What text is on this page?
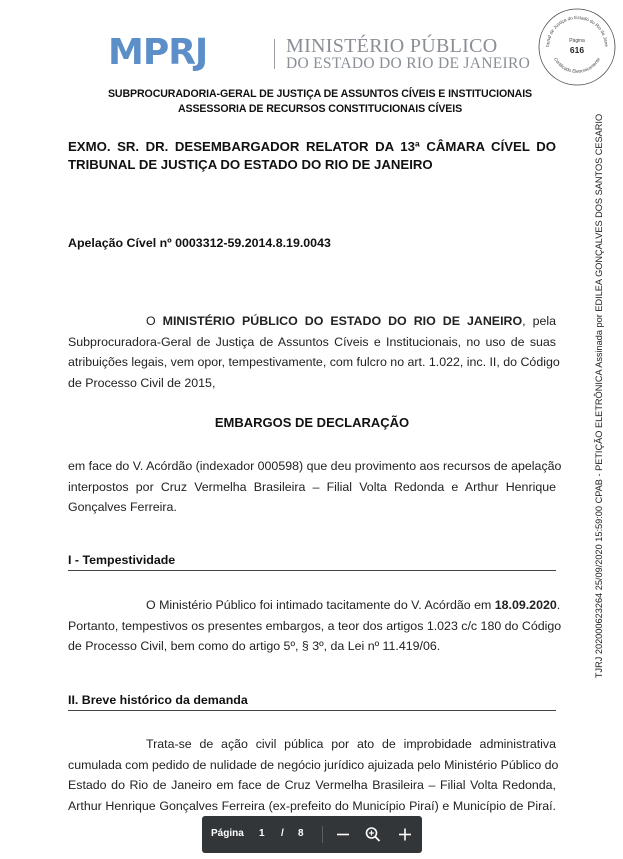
MPRJ	MINISTÉRIO PÚBLICO
DO ESTADO DO RIO DE JANEIRO
bunal de Justiça do Estado do Rio de Jane
Página
616
Certificado Eletronicamente
SUBPROCURADORIA-GERAL DE JUSTIÇA DE ASSUNTOS CÍVEIS E INSTITUCIONAIS
ASSESSORIA DE RECURSOS CONSTITUCIONAIS CÍVEIS
EXMO. SR. DR. DESEMBARGADOR RELATOR DA 13ª CÂMARA CÍVEL DO
TRIBUNAL DE JUSTIÇA DO ESTADO DO RIO DE JANEIRO
Apelação Cível nº 0003312-59.2014.8.19.0043
O MINISTÉRIO PÚBLICO DO ESTADO DO RIO DE JANEIRO, pela
Subprocuradora-Geral de Justiça de Assuntos Cíveis e Institucionais, no uso de suas
atribuições legais, vem opor, tempestivamente, com fulcro no art. 1.022, inc. II, do Código
de Processo Civil de 2015,
EMBARGOS DE DECLARAÇÃO
em face do V. Acórdão (indexador 000598) que deu provimento aos recursos de apelação
interpostos por Cruz Vermelha Brasileira – Filial Volta Redonda e Arthur Henrique
Gonçalves Ferreira.
I - Tempestividade
O Ministério Público foi intimado tacitamente do V. Acórdão em 18.09.2020.
Portanto, tempestivos os presentes embargos, a teor dos artigos 1.023 c/c 180 do Código
de Processo Civil, bem como do artigo 5º, § 3º, da Lei nº 11.419/06.
II. Breve histórico da demanda
Trata-se de ação civil pública por ato de improbidade administrativa
cumulada com pedido de nulidade de negócio jurídico ajuizada pelo Ministério Público do
Estado do Rio de Janeiro em face de Cruz Vermelha Brasileira – Filial Volta Redonda,
Arthur Henrique Gonçalves Ferreira (ex-prefeito do Município Piraí) e Município de Piraí.
TJRJ 20200062326​4 25/09/2020 15:59:00 CPAB - PETIÇÃO ELETRÔNICA Assinada por EDILEA GONÇALVES DOS SANTOS CESARIO
Página 1 / 8
